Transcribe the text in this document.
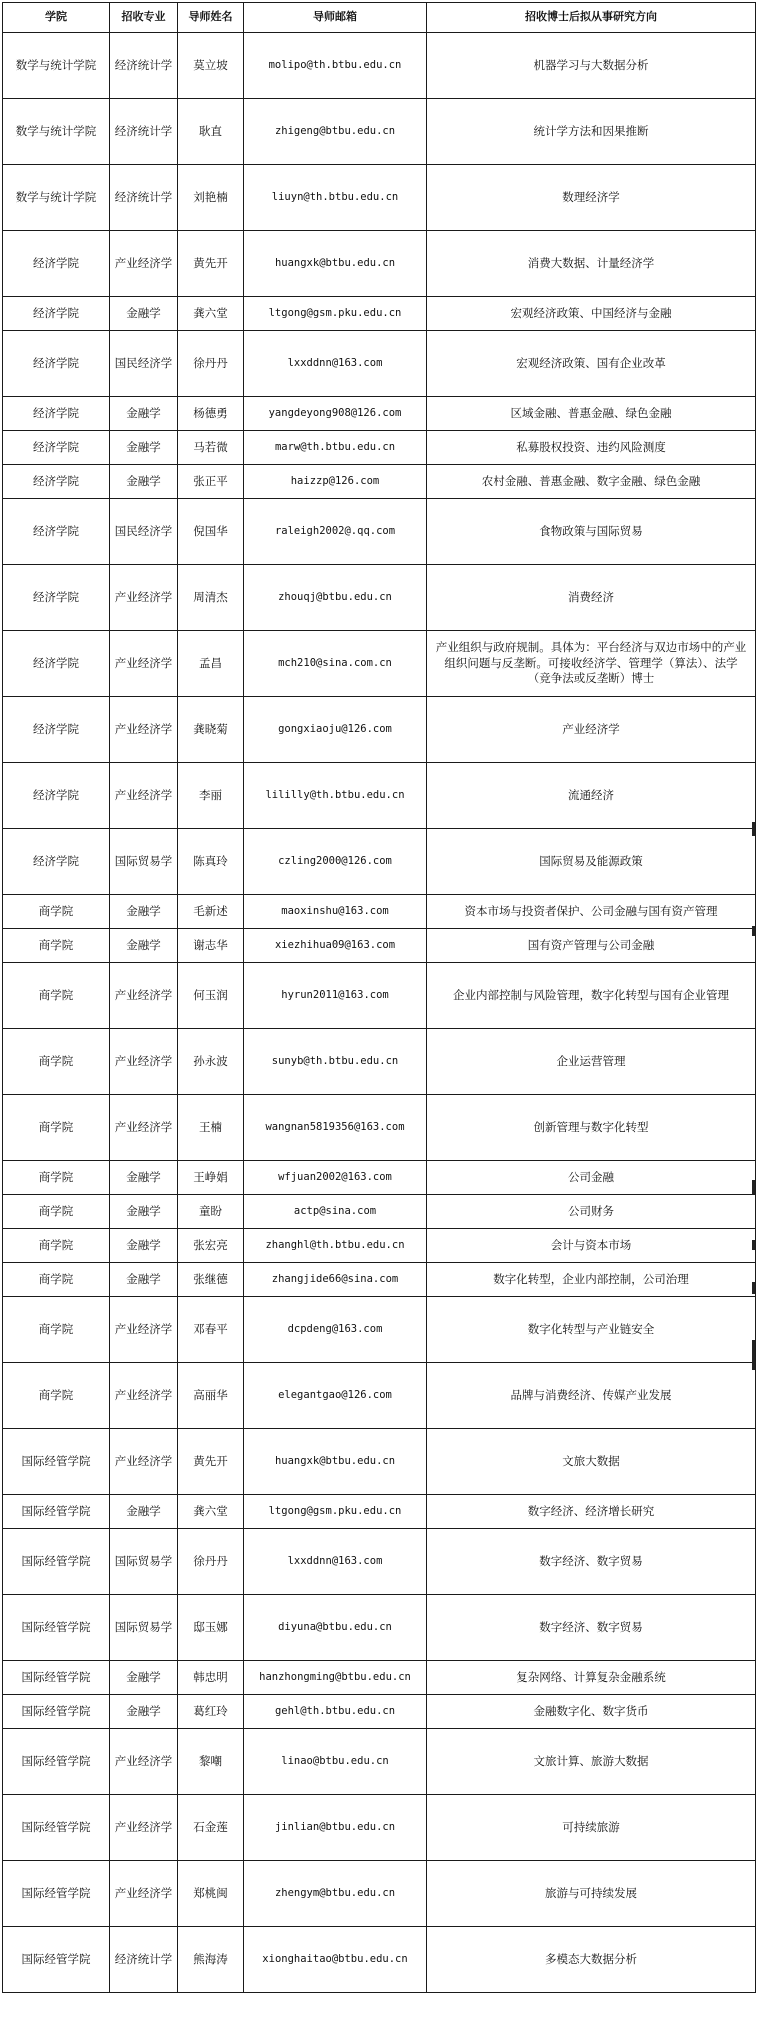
学院	招收专业	导师姓名	导师邮箱	招收博士后拟从事研究方向
数学与统计学院	经济统计学	莫立坡	molipo@th.btbu.edu.cn	机器学习与大数据分析
数学与统计学院	经济统计学	耿直	zhigeng@btbu.edu.cn	统计学方法和因果推断
数学与统计学院	经济统计学	刘艳楠	liuyn@th.btbu.edu.cn	数理经济学
经济学院	产业经济学	黄先开	huangxk@btbu.edu.cn	消费大数据、计量经济学
经济学院	金融学	龚六堂	ltgong@gsm.pku.edu.cn	宏观经济政策、中国经济与金融
经济学院	国民经济学	徐丹丹	lxxddnn@163.com	宏观经济政策、国有企业改革
经济学院	金融学	杨德勇	yangdeyong908@126.com	区域金融、普惠金融、绿色金融
经济学院	金融学	马若微	marw@th.btbu.edu.cn	私募股权投资、违约风险测度
经济学院	金融学	张正平	haizzp@126.com	农村金融、普惠金融、数字金融、绿色金融
经济学院	国民经济学	倪国华	raleigh2002@.qq.com	食物政策与国际贸易
经济学院	产业经济学	周清杰	zhouqj@btbu.edu.cn	消费经济
经济学院	产业经济学	孟昌	mch210@sina.com.cn	产业组织与政府规制。具体为：平台经济与双边市场中的产业组织问题与反垄断。可接收经济学、管理学（算法）、法学（竞争法或反垄断）博士
经济学院	产业经济学	龚晓菊	gongxiaoju@126.com	产业经济学
经济学院	产业经济学	李丽	lililly@th.btbu.edu.cn	流通经济
经济学院	国际贸易学	陈真玲	czling2000@126.com	国际贸易及能源政策
商学院	金融学	毛新述	maoxinshu@163.com	资本市场与投资者保护、公司金融与国有资产管理
商学院	金融学	谢志华	xiezhihua09@163.com	国有资产管理与公司金融
商学院	产业经济学	何玉润	hyrun2011@163.com	企业内部控制与风险管理，数字化转型与国有企业管理
商学院	产业经济学	孙永波	sunyb@th.btbu.edu.cn	企业运营管理
商学院	产业经济学	王楠	wangnan5819356@163.com	创新管理与数字化转型
商学院	金融学	王峥娟	wfjuan2002@163.com	公司金融
商学院	金融学	童盼	actp@sina.com	公司财务
商学院	金融学	张宏亮	zhanghl@th.btbu.edu.cn	会计与资本市场
商学院	金融学	张继德	zhangjide66@sina.com	数字化转型，企业内部控制，公司治理
商学院	产业经济学	邓春平	dcpdeng@163.com	数字化转型与产业链安全
商学院	产业经济学	高丽华	elegantgao@126.com	品牌与消费经济、传媒产业发展
国际经管学院	产业经济学	黄先开	huangxk@btbu.edu.cn	文旅大数据
国际经管学院	金融学	龚六堂	ltgong@gsm.pku.edu.cn	数字经济、经济增长研究
国际经管学院	国际贸易学	徐丹丹	lxxddnn@163.com	数字经济、数字贸易
国际经管学院	国际贸易学	邸玉娜	diyuna@btbu.edu.cn	数字经济、数字贸易
国际经管学院	金融学	韩忠明	hanzhongming@btbu.edu.cn	复杂网络、计算复杂金融系统
国际经管学院	金融学	葛红玲	gehl@th.btbu.edu.cn	金融数字化、数字货币
国际经管学院	产业经济学	黎嘲	linao@btbu.edu.cn	文旅计算、旅游大数据
国际经管学院	产业经济学	石金莲	jinlian@btbu.edu.cn	可持续旅游
国际经管学院	产业经济学	郑桃闽	zhengym@btbu.edu.cn	旅游与可持续发展
国际经管学院	经济统计学	熊海涛	xionghaitao@btbu.edu.cn	多模态大数据分析
